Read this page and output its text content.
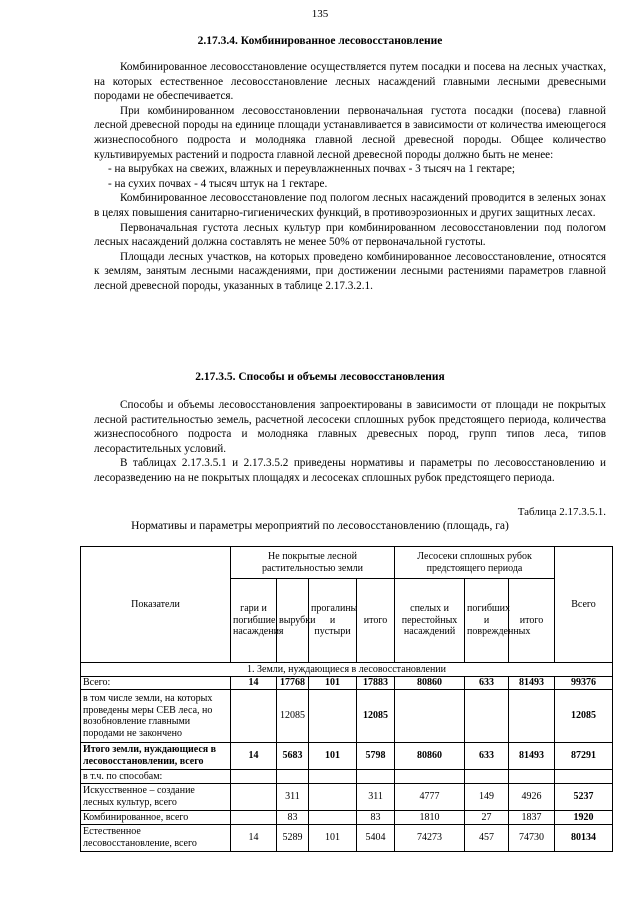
135
2.17.3.4. Комбинированное лесовосстановление

Комбинированное лесовосстановление осуществляется путем посадки и посева на лесных участках, на которых естественное лесовосстановление лесных насаждений главными лесными древесными породами не обеспечивается.

При комбинированном лесовосстановлении первоначальная густота посадки (посева) главной лесной древесной породы на единице площади устанавливается в зависимости от количества имеющегося жизнеспособного подроста и молодняка главной лесной древесной породы. Общее количество культивируемых растений и подроста главной лесной древесной породы должно быть не менее:

- на вырубках на свежих, влажных и переувлажненных почвах - 3 тысяч на 1 гектаре;

- на сухих почвах - 4 тысяч штук на 1 гектаре.

Комбинированное лесовосстановление под пологом лесных насаждений проводится в зеленых зонах в целях повышения санитарно-гигиенических функций, в противоэрозионных и других защитных лесах.

Первоначальная густота лесных культур при комбинированном лесовосстановлении под пологом лесных насаждений должна составлять не менее 50% от первоначальной густоты.

Площади лесных участков, на которых проведено комбинированное лесовосстановление, относятся к землям, занятым лесными насаждениями, при достижении лесными растениями параметров главной лесной древесной породы, указанных в таблице 2.17.3.2.1.

2.17.3.5. Способы и объемы лесовосстановления

Способы и объемы лесовосстановления запроектированы в зависимости от площади не покрытых лесной растительностью земель, расчетной лесосеки сплошных рубок предстоящего периода, количества жизнеспособного подроста и молодняка главных древесных пород, групп типов леса, типов лесорастительных условий.

В таблицах 2.17.3.5.1 и 2.17.3.5.2 приведены нормативы и параметры по лесовосстановлению и лесоразведению на не покрытых площадях и лесосеках сплошных рубок предстоящего периода.

Таблица 2.17.3.5.1.
Нормативы и параметры мероприятий по лесовосстановлению (площадь, га)
Показатели	Не покрытые лесной растительностью земли				Лесосеки сплошных рубок предстоящего периода			Всего
	гари и погибшие насаждения	вырубки	прогалины и пустыри	итого	спелых и перестойных насаждений	погибших и поврежденных	итого	
1. Земли, нуждающиеся в лесовосстановлении								
Всего:	14	17768	101	17883	80860	633	81493	99376
в том числе земли, на которых проведены меры СЕВ леса, но возобновление главными породами не закончено		12085		12085				12085
Итого земли, нуждающиеся в лесовосстановлении, всего	14	5683	101	5798	80860	633	81493	87291
в т.ч. по способам:								
Искусственное – создание лесных культур, всего		311		311	4777	149	4926	5237
Комбинированное, всего		83		83	1810	27	1837	1920
Естественное лесовосстановление, всего	14	5289	101	5404	74273	457	74730	80134
